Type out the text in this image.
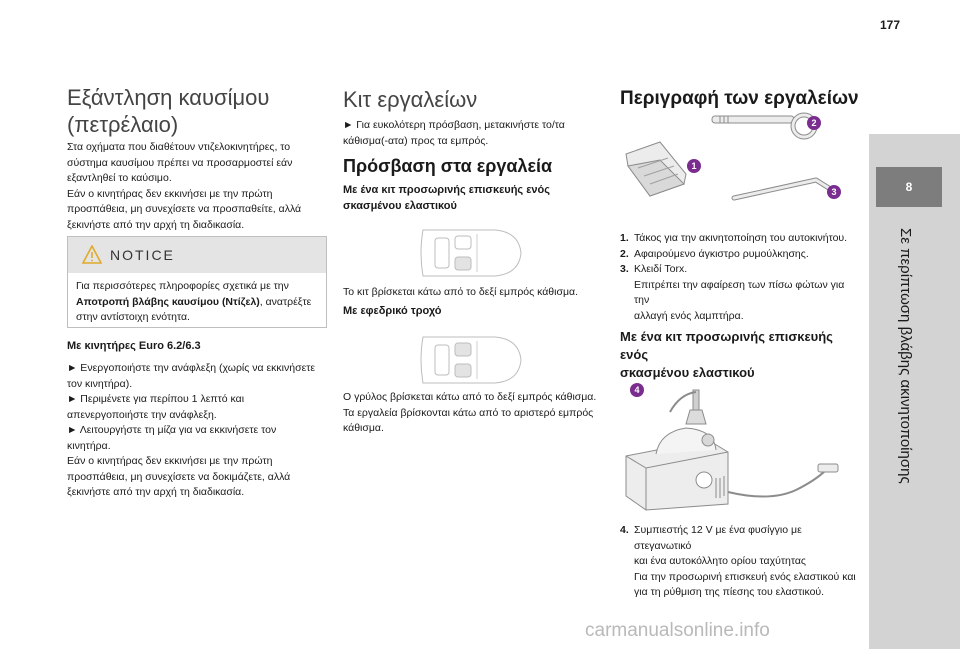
177
8
Σε περίπτωση βλάβης ακινητοποίησης
Εξάντληση καυσίμου
(πετρέλαιο)

Στα οχήματα που διαθέτουν ντιζελοκινητήρες, το

σύστημα καυσίμου πρέπει να προσαρμοστεί εάν

εξαντληθεί το καύσιμο.

Εάν ο κινητήρας δεν εκκινήσει με την πρώτη

προσπάθεια, μη συνεχίσετε να προσπαθείτε, αλλά

ξεκινήστε από την αρχή τη διαδικασία.

NOTICE
Για περισσότερες πληροφορίες σχετικά με την
Αποτροπή βλάβης καυσίμου (Ντίζελ), ανατρέξτε
στην αντίστοιχη ενότητα.
Με κινητήρες Euro 6.2/6.3

► Ενεργοποιήστε την ανάφλεξη (χωρίς να εκκινήσετε

τον κινητήρα).

► Περιμένετε για περίπου 1 λεπτό και

απενεργοποιήστε την ανάφλεξη.

► Λειτουργήστε τη μίζα για να εκκινήσετε τον

κινητήρα.

Εάν ο κινητήρας δεν εκκινήσει με την πρώτη

προσπάθεια, μη συνεχίσετε να δοκιμάζετε, αλλά

ξεκινήστε από την αρχή τη διαδικασία.

Κιτ εργαλείων

► Για ευκολότερη πρόσβαση, μετακινήστε το/τα

κάθισμα(-ατα) προς τα εμπρός.

Πρόσβαση στα εργαλεία
Με ένα κιτ προσωρινής επισκευής ενός
σκασμένου ελαστικού

Το κιτ βρίσκεται κάτω από το δεξί εμπρός κάθισμα.

Με εφεδρικό τροχό

Ο γρύλος βρίσκεται κάτω από το δεξί εμπρός κάθισμα.

Τα εργαλεία βρίσκονται κάτω από το αριστερό εμπρός

κάθισμα.

Περιγραφή των εργαλείων
1
2
3
1. Τάκος για την ακινητοποίηση του αυτοκινήτου.
2. Αφαιρούμενο άγκιστρο ρυμούλκησης.
3. Κλειδί Torx.
Επιτρέπει την αφαίρεση των πίσω φώτων για την
αλλαγή ενός λαμπτήρα.
Με ένα κιτ προσωρινής επισκευής ενός
σκασμένου ελαστικού
4
4. Συμπιεστής 12 V με ένα φυσίγγιο με στεγανωτικό
και ένα αυτοκόλλητο ορίου ταχύτητας
Για την προσωρινή επισκευή ενός ελαστικού και
για τη ρύθμιση της πίεσης του ελαστικού.
carmanualsonline.info
